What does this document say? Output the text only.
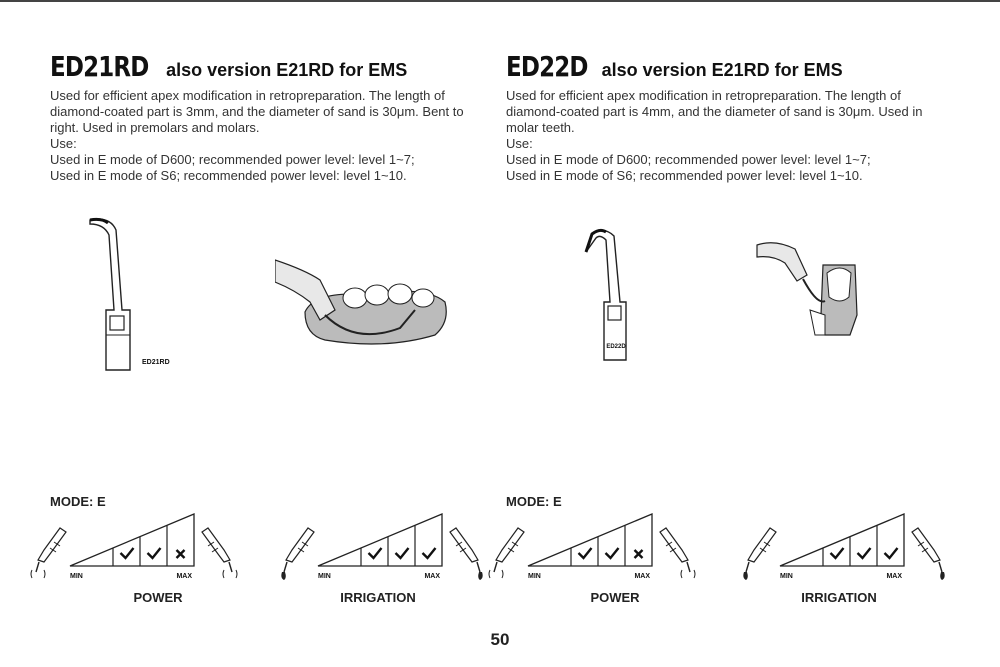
ED21RD also version E21RD for EMS

Used for efficient apex modification in retropreparation. The length of

diamond-coated part is 3mm, and the diameter of sand is 30μm. Bent to

right. Used in premolars and molars.

Use:

Used in E mode of D600; recommended power level: level 1~7;

Used in E mode of S6; recommended power level: level 1~10.

ED22D also version E21RD for EMS

Used for efficient apex modification in retropreparation. The length of

diamond-coated part is 4mm, and the diameter of sand is 30μm. Used in

molar teeth.

Use:

Used in E mode of D600; recommended power level: level 1~7;

Used in E mode of S6; recommended power level: level 1~10.

ED21RD
ED22D
MODE: E	MODE: E
MIN	MAX	MIN	MAX	MIN	MAX	MIN	MAX
POWER	IRRIGATION	POWER	IRRIGATION
50
